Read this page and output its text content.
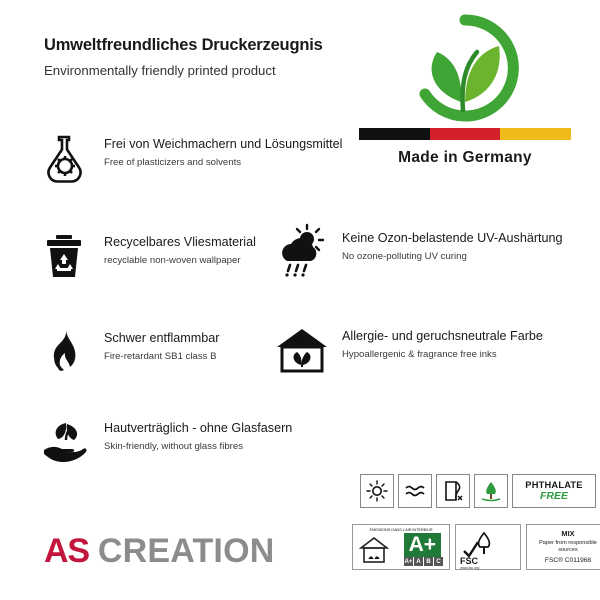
Umweltfreundliches Druckerzeugnis
Environmentally friendly printed product
Made in Germany
Frei von Weichmachern und Lösungsmittel
Free of plasticizers and solvents
Recycelbares Vliesmaterial
recyclable non-woven wallpaper
Schwer entflammbar
Fire-retardant SB1 class B
Hautverträglich - ohne Glasfasern
Skin-friendly, without glass fibres
Keine Ozon-belastende UV-Aushärtung
No ozone-polluting UV curing
Allergie- und geruchsneutrale Farbe
Hypoallergenic & fragrance free inks
AS CREATION
PHTHALATE
FREE
ÉMISSIONS DANS L’AIR INTÉRIEUR
A+
A+ A B C FSC
www.fsc.org
MIX
Paper from responsible sources
FSC® C011968
